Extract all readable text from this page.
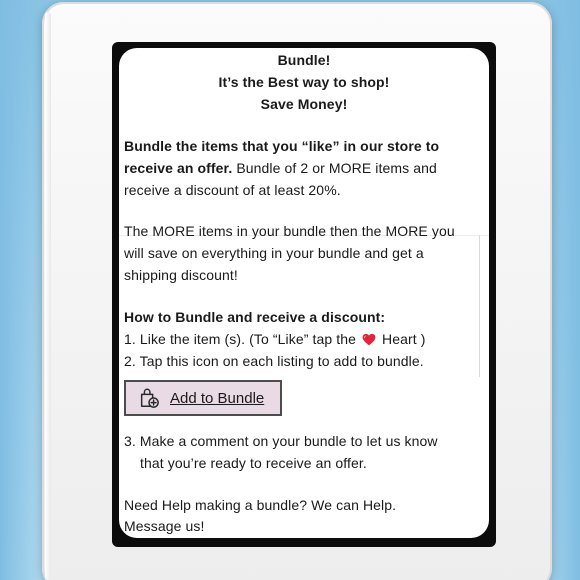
Bundle!
It’s the Best way to shop!
Save Money!
Bundle the items that you “like” in our store to
receive an offer. Bundle of 2 or MORE items and
receive a discount of at least 20%.
The MORE items in your bundle then the MORE you
will save on everything in your bundle and get a
shipping discount!
How to Bundle and receive a discount:
1. Like the item (s). (To “Like” tap the Heart )
2. Tap this icon on each listing to add to bundle.
Add to Bundle
3. Make a comment on your bundle to let us know
that you’re ready to receive an offer.
Need Help making a bundle? We can Help.
Message us!
